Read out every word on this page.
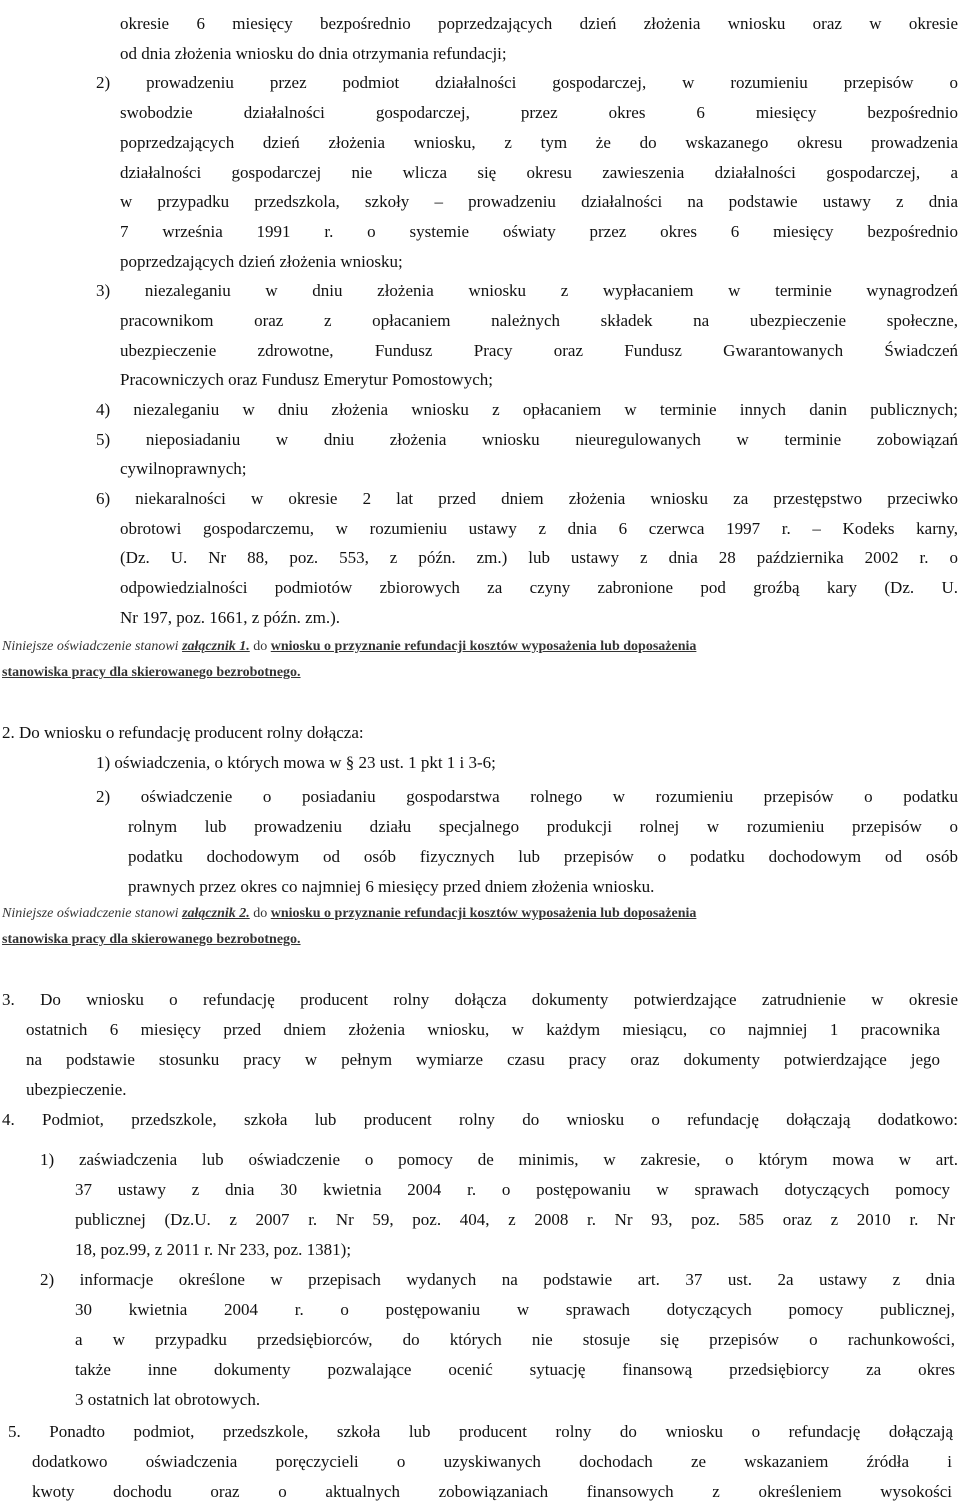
okresie 6 miesięcy bezpośrednio poprzedzających dzień złożenia wniosku oraz w okresie
od dnia złożenia wniosku do dnia otrzymania refundacji;
2) prowadzeniu przez podmiot działalności gospodarczej, w rozumieniu przepisów o
swobodzie działalności gospodarczej, przez okres 6 miesięcy bezpośrednio
poprzedzających dzień złożenia wniosku, z tym że do wskazanego okresu prowadzenia
działalności gospodarczej nie wlicza się okresu zawieszenia działalności gospodarczej, a
w przypadku przedszkola, szkoły – prowadzeniu działalności na podstawie ustawy z dnia
7 września 1991 r. o systemie oświaty przez okres 6 miesięcy bezpośrednio
poprzedzających dzień złożenia wniosku;
3) niezaleganiu w dniu złożenia wniosku z wypłacaniem w terminie wynagrodzeń
pracownikom oraz z opłacaniem należnych składek na ubezpieczenie społeczne,
ubezpieczenie zdrowotne, Fundusz Pracy oraz Fundusz Gwarantowanych Świadczeń
Pracowniczych oraz Fundusz Emerytur Pomostowych;
4) niezaleganiu w dniu złożenia wniosku z opłacaniem w terminie innych danin publicznych;
5) nieposiadaniu w dniu złożenia wniosku nieuregulowanych w terminie zobowiązań
cywilnoprawnych;
6) niekaralności w okresie 2 lat przed dniem złożenia wniosku za przestępstwo przeciwko
obrotowi gospodarczemu, w rozumieniu ustawy z dnia 6 czerwca 1997 r. – Kodeks karny,
(Dz. U. Nr 88, poz. 553, z późn. zm.) lub ustawy z dnia 28 października 2002 r. o
odpowiedzialności podmiotów zbiorowych za czyny zabronione pod groźbą kary (Dz. U.
Nr 197, poz. 1661, z późn. zm.).
Niniejsze oświadczenie stanowi załącznik 1. do wniosku o przyznanie refundacji kosztów wyposażenia lub doposażenia
stanowiska pracy dla skierowanego bezrobotnego.
2. Do wniosku o refundację producent rolny dołącza:
1) oświadczenia, o których mowa w § 23 ust. 1 pkt 1 i 3-6;
2) oświadczenie o posiadaniu gospodarstwa rolnego w rozumieniu przepisów o podatku
rolnym lub prowadzeniu działu specjalnego produkcji rolnej w rozumieniu przepisów o
podatku dochodowym od osób fizycznych lub przepisów o podatku dochodowym od osób
prawnych przez okres co najmniej 6 miesięcy przed dniem złożenia wniosku.
Niniejsze oświadczenie stanowi załącznik 2. do wniosku o przyznanie refundacji kosztów wyposażenia lub doposażenia
stanowiska pracy dla skierowanego bezrobotnego.
3. Do wniosku o refundację producent rolny dołącza dokumenty potwierdzające zatrudnienie w okresie
ostatnich 6 miesięcy przed dniem złożenia wniosku, w każdym miesiącu, co najmniej 1 pracownika
na podstawie stosunku pracy w pełnym wymiarze czasu pracy oraz dokumenty potwierdzające jego
ubezpieczenie.
4. Podmiot, przedszkole, szkoła lub producent rolny do wniosku o refundację dołączają dodatkowo:
1) zaświadczenia lub oświadczenie o pomocy de minimis, w zakresie, o którym mowa w art.
37 ustawy z dnia 30 kwietnia 2004 r. o postępowaniu w sprawach dotyczących pomocy
publicznej (Dz.U. z 2007 r. Nr 59, poz. 404, z 2008 r. Nr 93, poz. 585 oraz z 2010 r. Nr
18, poz.99, z 2011 r. Nr 233, poz. 1381);
2) informacje określone w przepisach wydanych na podstawie art. 37 ust. 2a ustawy z dnia
30 kwietnia 2004 r. o postępowaniu w sprawach dotyczących pomocy publicznej,
a w przypadku przedsiębiorców, do których nie stosuje się przepisów o rachunkowości,
także inne dokumenty pozwalające ocenić sytuację finansową przedsiębiorcy za okres
3 ostatnich lat obrotowych.
5. Ponadto podmiot, przedszkole, szkoła lub producent rolny do wniosku o refundację dołączają
dodatkowo oświadczenia poręczycieli o uzyskiwanych dochodach ze wskazaniem źródła i
kwoty dochodu oraz o aktualnych zobowiązaniach finansowych z określeniem wysokości
